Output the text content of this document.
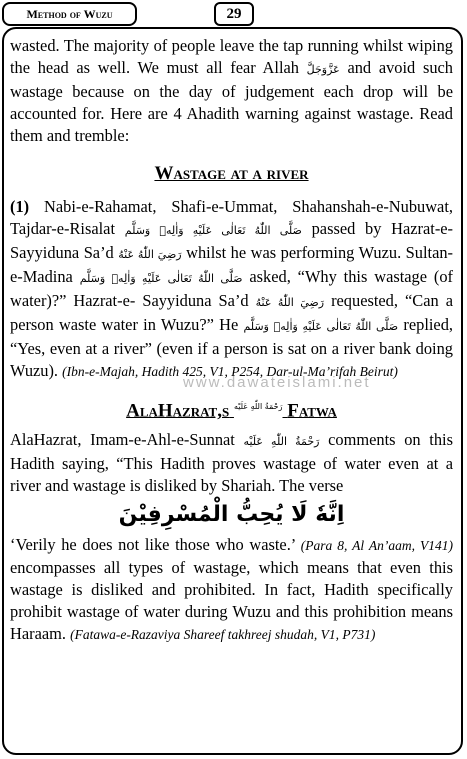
Method of Wuzu	29

wasted. The majority of people leave the tap running whilst wiping the head as well. We must all fear Allah عَزَّوَجَلَّ and avoid such wastage because on the day of judgement each drop will be accounted for. Here are 4 Ahadith warning against wastage. Read them and tremble:

Wastage at a river

(1) Nabi-e-Rahamat, Shafi-e-Ummat, Shahanshah-e-Nubuwat, Tajdar-e-Risalat صَلَّى اللّٰهُ تَعَالٰى عَلَيْهِ وَاٰلِهٖ وَسَلَّم passed by Hazrat-e- Sayyiduna Sa’d رَضِيَ اللّٰهُ عَنْهُ whilst he was performing Wuzu. Sultan-e-Madina صَلَّى اللّٰهُ تَعَالٰى عَلَيْهِ وَاٰلِهٖ وَسَلَّم asked, “Why this wastage (of water)?” Hazrat-e- Sayyiduna Sa’d رَضِيَ اللّٰهُ عَنْهُ requested, “Can a person waste water in Wuzu?” He صَلَّى اللّٰهُ تَعَالٰى عَلَيْهِ وَاٰلِهٖ وَسَلَّم replied, “Yes, even at a river” (even if a person is sat on a river bank doing Wuzu). (Ibn-e-Majah, Hadith 425, V1, P254, Dar-ul-Ma’rifah Beirut)

AlaHazrat,s رَحْمَةُ اللّٰهِ عَلَيْه Fatwa

AlaHazrat, Imam-e-Ahl-e-Sunnat رَحْمَةُ اللّٰهِ عَلَيْه comments on this Hadith saying, “This Hadith proves wastage of water even at a river and wastage is disliked by Shariah. The verse

اِنَّهٗ لَا يُحِبُّ الْمُسْرِفِيْنَ

‘Verily he does not like those who waste.’ (Para 8, Al An’aam, V141) encompasses all types of wastage, which means that even this wastage is disliked and prohibited. In fact, Hadith specifically prohibit wastage of water during Wuzu and this prohibition means Haraam. (Fatawa-e-Razaviya Shareef takhreej shudah, V1, P731)

www.dawateislami.net
